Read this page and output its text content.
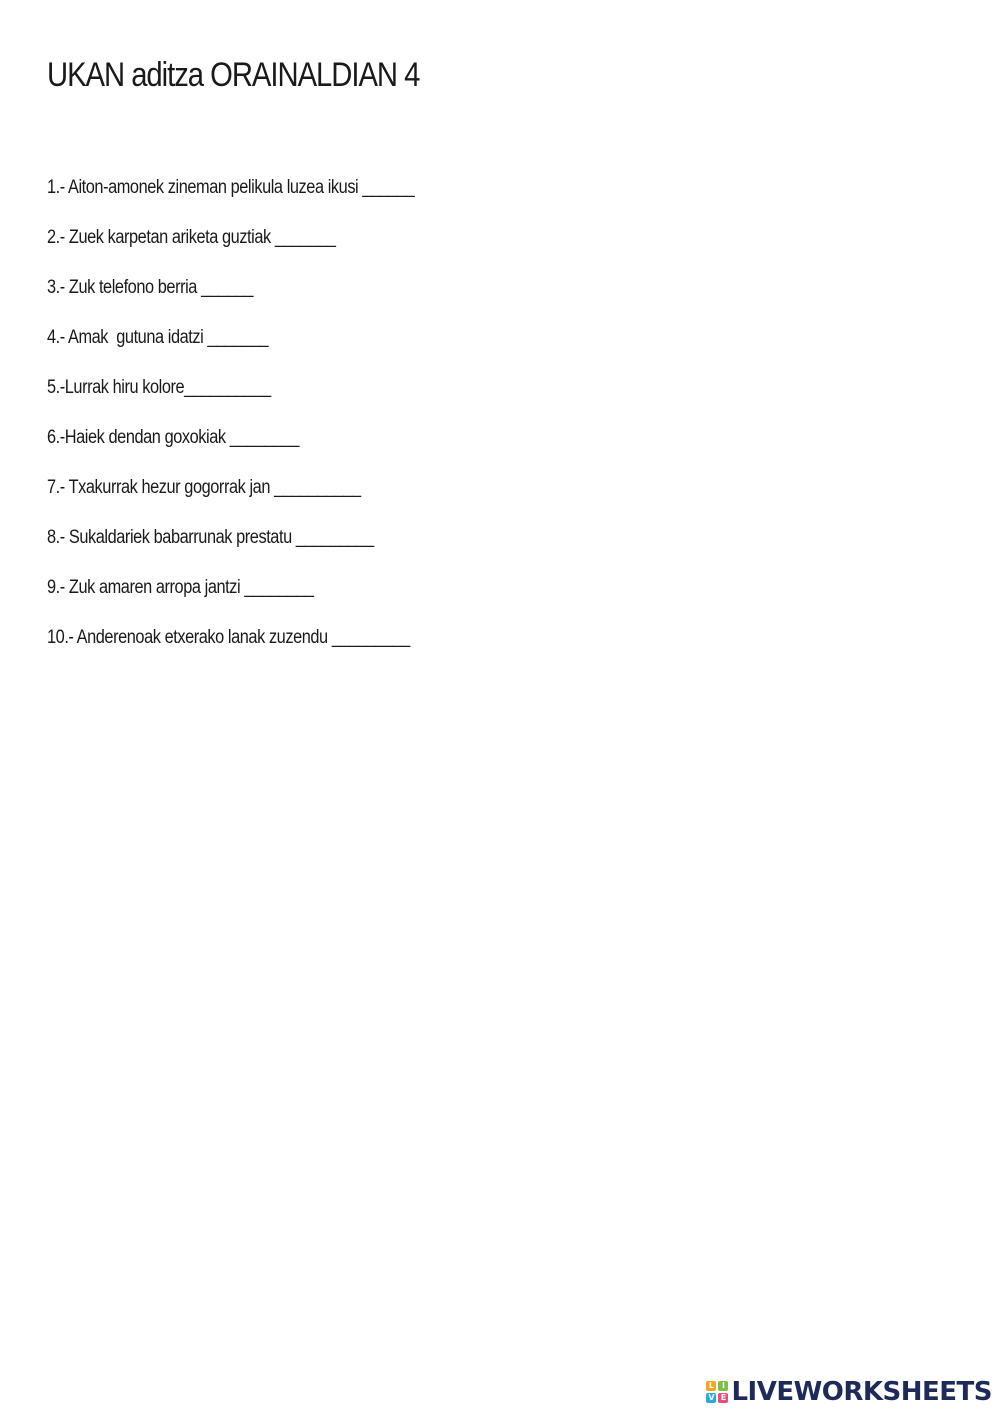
UKAN aditza ORAINALDIAN 4
1.- Aiton-amonek zineman pelikula luzea ikusi ______
2.- Zuek karpetan ariketa guztiak _______
3.- Zuk telefono berria ______
4.- Amak  gutuna idatzi _______
5.-Lurrak hiru kolore__________
6.-Haiek dendan goxokiak ________
7.- Txakurrak hezur gogorrak jan __________
8.- Sukaldariek babarrunak prestatu _________
9.- Zuk amaren arropa jantzi ________
10.- Anderenoak etxerako lanak zuzendu _________
L I
V E LIVEWORKSHEETS
